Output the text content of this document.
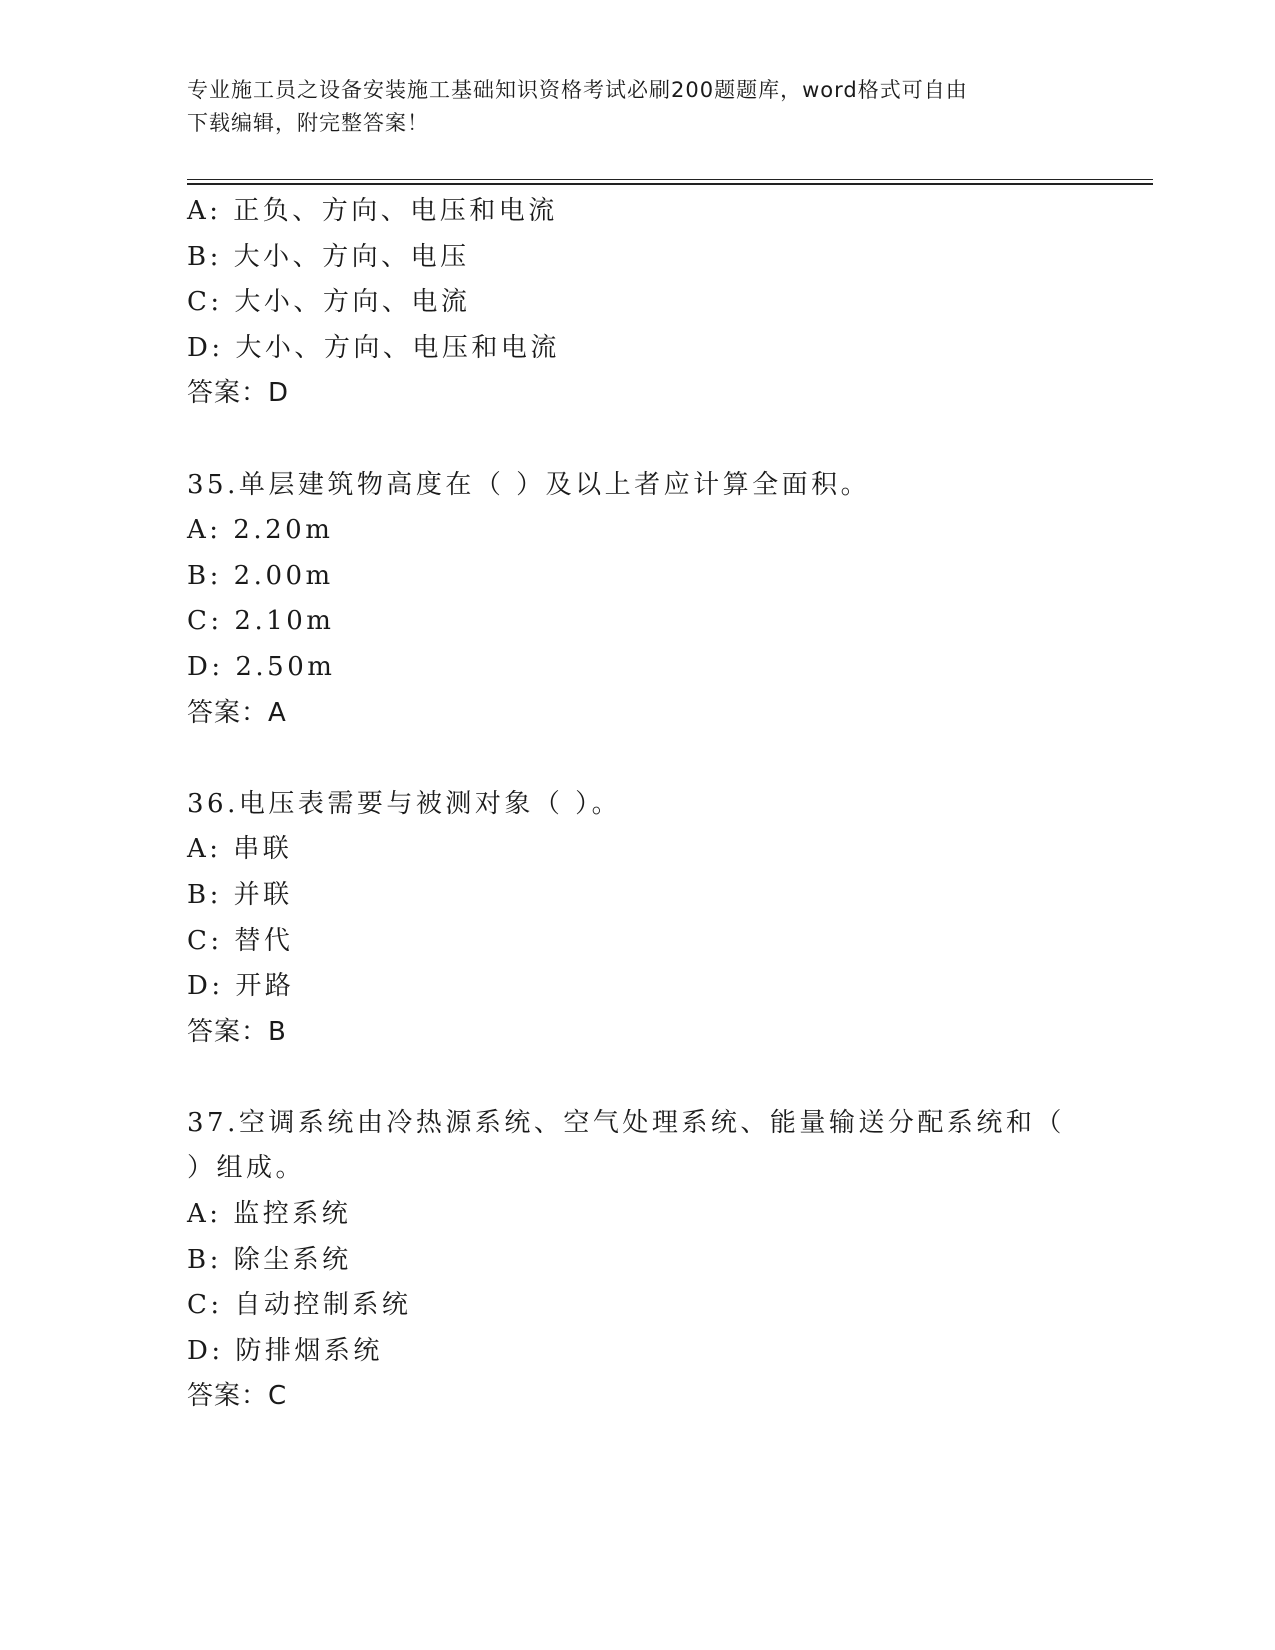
专业施工员之设备安装施工基础知识资格考试必刷200题题库，word格式可自由
下载编辑，附完整答案！
A: 正负、方向、电压和电流
B: 大小、方向、电压
C: 大小、方向、电流
D: 大小、方向、电压和电流
答案：D
35.单层建筑物高度在（ ）及以上者应计算全面积。
A: 2.20m
B: 2.00m
C: 2.10m
D: 2.50m
答案：A
36.电压表需要与被测对象（ ）。
A: 串联
B: 并联
C: 替代
D: 开路
答案：B
37.空调系统由冷热源系统、空气处理系统、能量输送分配系统和（
）组成。
A: 监控系统
B: 除尘系统
C: 自动控制系统
D: 防排烟系统
答案：C
